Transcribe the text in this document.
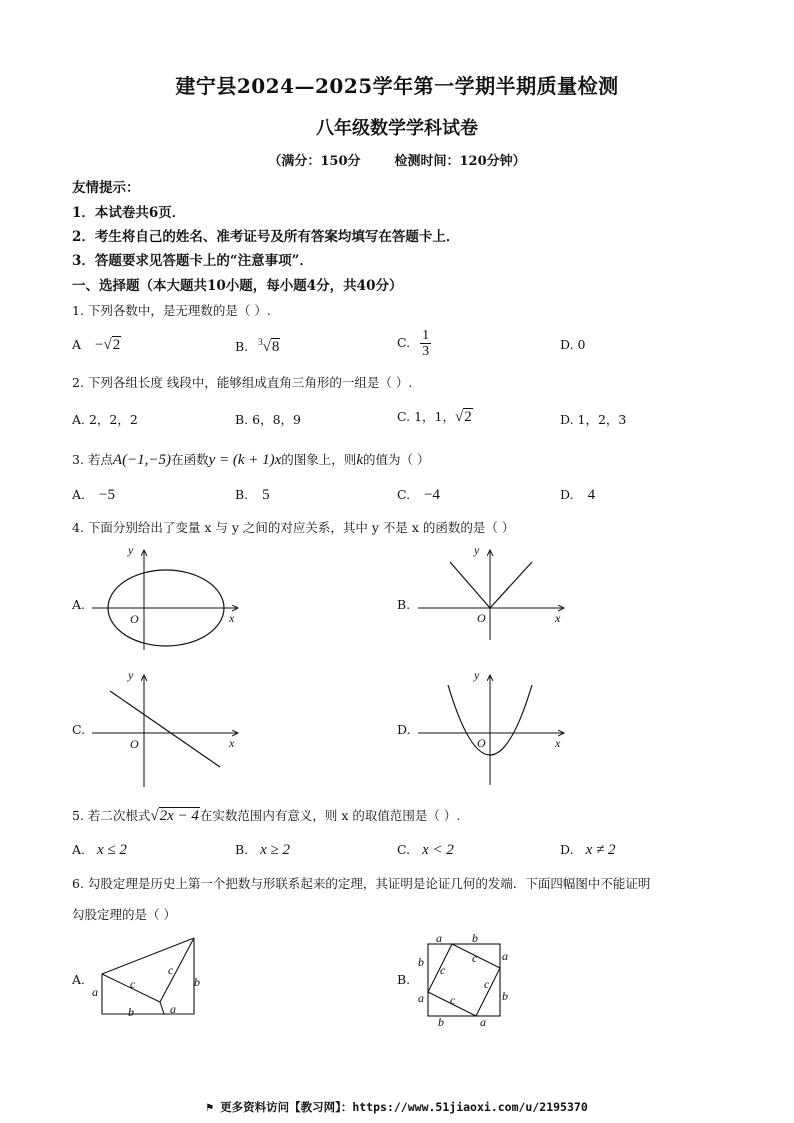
建宁县2024—2025学年第一学期半期质量检测
八年级数学学科试卷
（满分：150分	检测时间：120分钟）
友情提示：
1．本试卷共6页．
2．考生将自己的姓名、准考证号及所有答案均填写在答题卡上．
3．答题要求见答题卡上的“注意事项”．
一、选择题（本大题共10小题，每小题4分，共40分）
1. 下列各数中，是无理数的是（ ）.
A −√2	B. $^3$√8	C. $\frac{1}{3}$	D. 0
2. 下列各组长度 线段中，能够组成直角三角形的一组是（ ）.
A. 2，2，2	B. 6，8，9	C. 1，1，√2	D. 1，2，3
3. 若点A(−1,−5)在函数y = (k + 1)x的图象上，则k的值为（ ）
A. −5	B. 5	C. −4	D. 4
4. 下面分别给出了变量 x 与 y 之间的对应关系，其中 y 不是 x 的函数的是（ ）
A.
O	x
y
B.
O	x
y
C.
O	x
y
D.
O	x
y
5. 若二次根式√2x − 4在实数范围内有意义，则 x 的取值范围是（ ）.
A. x ≤ 2	B. x ≥ 2	C. x < 2	D. x ≠ 2
6. 勾股定理是历史上第一个把数与形联系起来的定理，其证明是论证几何的发端．下面四幅图中不能证明
勾股定理的是（ ）
A.
a
c
c
b
b	a
B.
a	b
a
b
b	a
b
a
c
c
c
c
⚑ 更多资料访问【教习网】：https://www.51jiaoxi.com/u/2195370
